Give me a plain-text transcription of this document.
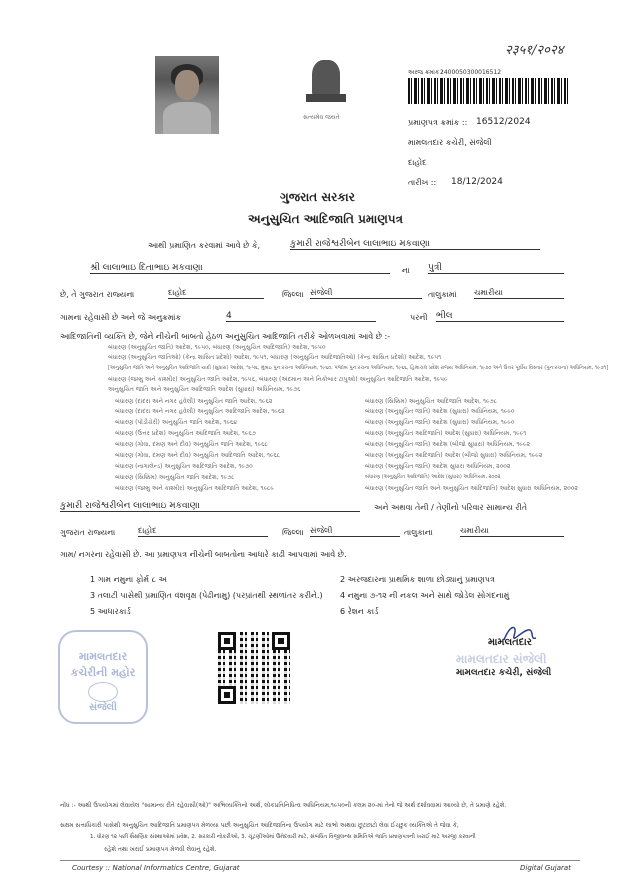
२३५१/२०२४
સત્યમેવ જયતે
અરજ ક્રમાંક :
2400050300016512
પ્રમાણપત્ર ક્રમાંક :: 16512/2024
મામલતદાર કચેરી, સંજેલી
દાહોદ
તારીખ :: 18/12/2024
ગુજરાત સરકાર
અનુસુચિત આદિજાતિ પ્રમાણપત્ર
આથી પ્રમાણિત કરવામાં આવે છે કે,	કુમારી રાજેશ્વરીબેન લાલાભાઇ મકવાણા
શ્રી લાલાભાઇ દિતાભાઇ મકવાણા	ના પુત્રી
છે, તે ગુજરાત રાજ્યના	દાહોદ	જિલ્લા સંજેલી	તાલુકામાં ચમારીયા
ગામના રહેવાસી છે અને જે અનુક્રમાંક	4	પરની ભીલ
આદિજાતિની વ્યક્તિ છે, જેને નીચેની બાબતો હેઠળ અનુસુચિત આદિજાતિ તરીકે ઓળખવામાં આવે છે :-
બંધારણ (અનુસુચિત જાતિ) આદેશ, ૧૯૫૦, બંધારણ (અનુસુચિત આદિજાતિ) આદેશ, ૧૯૫૦
બંધારણ (અનુસુચિત જાતિઓ) (કેન્દ્ર શાસિત પ્રદેશો) આદેશ, ૧૯૫૧, બંધારણ (અનુસુચિત આદિજાતિઓ) (કેન્દ્ર શાસિત પ્રદેશો) આદેશ, ૧૯૫૧
[અનુસુચિત જાતિ અને અનુસુચિત આદિજાતિ યાદી (સુધારા) આદેશ, ૧૯૫૬, મુંબઇ પુનઃરચના અધિનિયમ, ૧૯૬૦, પંજાબ પુનઃરચના અધિનિયમ, ૧૯૬૬, હિમાચલ પ્રદેશ રાજ્ય અધિનિયમ, ૧૯૭૦ અને ઉત્તર પૂર્વીય વિસ્તાર (પુનઃરચના) અધિનિયમ, ૧૯૭૧]
બંધારણ (જમ્મુ અને કાશ્મીર) અનુસુચિત જાતિ આદેશ, ૧૯૫૬, બંધારણ (અંદમાન અને નિકોબાર ટાપુઓ) અનુસુચિત આદિજાતિ આદેશ, ૧૯૫૯
અનુસુચિત જાતિ અને અનુસુચિત આદિજાતિ આદેશ (સુધારા) અધિનિયમ, ૧૯૭૬
બંધારણ (દાદરા અને નગર હવેલી) અનુસુચિત જાતિ આદેશ, ૧૯૬૨
બંધારણ (દાદરા અને નગર હવેલી) અનુસુચિત આદિજાતિ આદેશ, ૧૯૬૨
બંધારણ (પોંડીચેરી) અનુસુચિત જાતિ આદેશ, ૧૯૬૪
બંધારણ (ઉત્તર પ્રદેશ) અનુસુચિત આદિજાતિ આદેશ, ૧૯૬૭
બંધારણ (ગોવા, દમણ અને દીવ) અનુસુચિત જાતિ આદેશ, ૧૯૬૮
બંધારણ (ગોવા, દમણ અને દીવ) અનુસુચિત આદિજાતિ આદેશ, ૧૯૬૮
બંધારણ (નાગાલેન્ડ) અનુસુચિત આદિજાતિ આદેશ, ૧૯૭૦
બંધારણ (સિક્કિમ) અનુસુચિત જાતિ આદેશ, ૧૯૭૮
બંધારણ (જમ્મુ અને કાશ્મીર) અનુસુચિત આદિજાતિ આદેશ, ૧૯૮૯
બંધારણ (સિક્કિમ) અનુસુચિત આદિજાતિ આદેશ, ૧૯૭૮
બંધારણ (અનુસુચિત જાતિ) આદેશ (સુધારા) અધિનિયમ, ૧૯૯૦
બંધારણ (અનુસુચિત જાતિ) આદેશ (સુધારા) અધિનિયમ, ૧૯૯૦
બંધારણ (અનુસુચિત આદિજાતિ) આદેશ (સુધારા) અધિનિયમ, ૧૯૯૧
બંધારણ (અનુસુચિત જાતિ) આદેશ (બીજો સુધારા) અધિનિયમ, ૧૯૯૨
બંધારણ (અનુસુચિત આદિજાતિ) આદેશ (બીજો સુધારા) અધિનિયમ, ૧૯૯૨
બંધારણ (અનુસુચિત જાતિ) આદેશ સુધારા અધિનિયમ, ૨૦૦૨
બંધારણ (અનુસુચિત આદિજાતિ) આદેશ (સુધારા) અધિનિયમ, ૨૦૦૨
બંધારણ (અનુસુચિત જાતિ અને અનુસુચિત આદિજાતિ) આદેશ સુધારા અધિનિયમ, ૨૦૦૨
કુમારી રાજેશ્વરીબેન લાલાભાઇ મકવાણા	અને અથવા તેની / તેણીનો પરિવાર સામાન્ય રીતે
ગુજરાત રાજ્યના	દાહોદ	જિલ્લા સંજેલી	તાલુકાના	ચમારીયા
ગામ/ નગરના રહેવાસી છે. આ પ્રમાણપત્ર નીચેની બાબતોના આધારે કાઢી આપવામાં આવે છે.
1 ગામ નમુના ફોર્મ ૮ અ
3 તલાટી પાસેથી પ્રમાણિત વંશવૃક્ષ (પેઢીનામુ) (પરપ્રાંતથી સ્થળાંતર કરીને.)
5 આધારકાર્ડ
2 અરજદારના પ્રાથમિક શાળા છોડ્યાનું પ્રમાણપત્ર
4 નમુના ૭-૧૨ ની નકલ અને સાથે જોડેલ સોગંદનામું
6 રેશન કાર્ડ
મામલતદાર
કચેરીની મહોર
સંજેલી
મામલતદાર
મામલતદાર સંજેલી
મામલતદાર કચેરી, સંજેલી
નોંધ :- આથી ઉપયોગમાં લેવાયેલ "સામાન્ય રીતે રહેવાસી(ઓ)" અભિવ્યક્તિનો અર્થ, લોકપ્રતિનિધિત્વ અધિનિયમ,૧૯૫૦ની કલમ ૨૦-માં તેનો જે અર્થ દર્શાવવામાં આવ્યો છે, તે પ્રમાણે રહેશે.
સક્ષમ સત્તાધિકારી પાસેથી અનુસુચિત આદિજાતિ પ્રમાણપત્ર મેળવ્યા પછી અનુસુચિત આદિજાતિના ઉપયોગ માટે લાભો અથવા છૂટછાટો લેવા ઈચ્છુક વ્યક્તિએ તે જેવા કે,
1. ધોરણ ૧૨ પછી શૈક્ષણિક સંસ્થાઓમાં પ્રવેશ, 2. સરકારી નોકરીઓ, 3. ચૂંટણીઓમાં ઉમેદવારી માટે, સંબંધિત વિજીલન્સ સમિતિએ જાતિ પ્રમાણપત્રની ખરાઈ માટે અરજી કરવાની
રહેશે તથા ખરાઈ પ્રમાણપત્ર મેળવી લેવાનું રહેશે.
Courtesy :: National Informatics Centre, Gujarat	Digital Gujarat
